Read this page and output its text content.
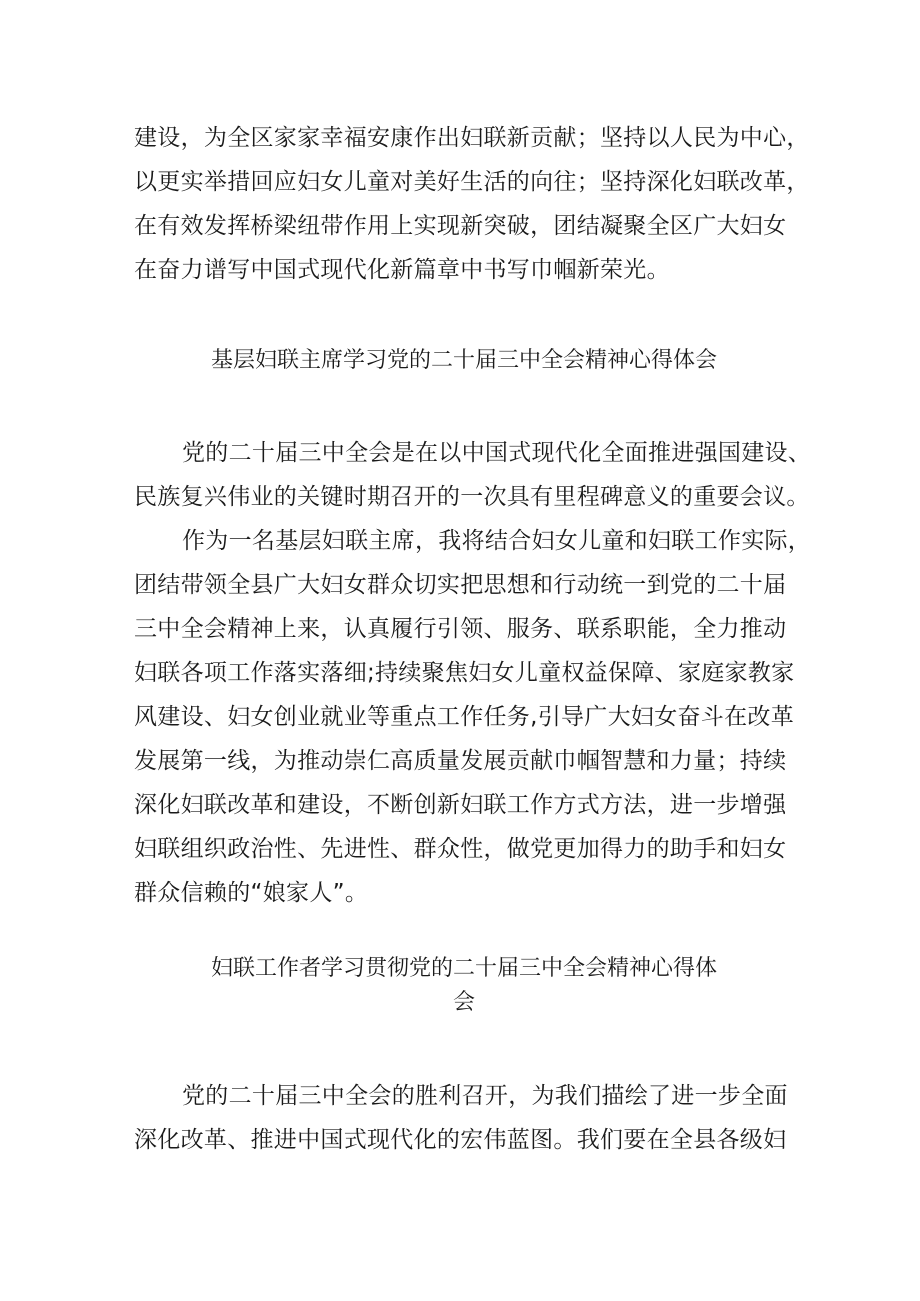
建设，为全区家家幸福安康作出妇联新贡献；坚持以人民为中心，
以更实举措回应妇女儿童对美好生活的向往；坚持深化妇联改革，
在有效发挥桥梁纽带作用上实现新突破，团结凝聚全区广大妇女
在奋力谱写中国式现代化新篇章中书写巾帼新荣光。
基层妇联主席学习党的二十届三中全会精神心得体会
党的二十届三中全会是在以中国式现代化全面推进强国建设、
民族复兴伟业的关键时期召开的一次具有里程碑意义的重要会议。
作为一名基层妇联主席，我将结合妇女儿童和妇联工作实际，
团结带领全县广大妇女群众切实把思想和行动统一到党的二十届
三中全会精神上来，认真履行引领、服务、联系职能，全力推动
妇联各项工作落实落细;持续聚焦妇女儿童权益保障、家庭家教家
风建设、妇女创业就业等重点工作任务,引导广大妇女奋斗在改革
发展第一线，为推动崇仁高质量发展贡献巾帼智慧和力量；持续
深化妇联改革和建设，不断创新妇联工作方式方法，进一步增强
妇联组织政治性、先进性、群众性，做党更加得力的助手和妇女
群众信赖的“娘家人”。
妇联工作者学习贯彻党的二十届三中全会精神心得体
会
党的二十届三中全会的胜利召开，为我们描绘了进一步全面
深化改革、推进中国式现代化的宏伟蓝图。我们要在全县各级妇
